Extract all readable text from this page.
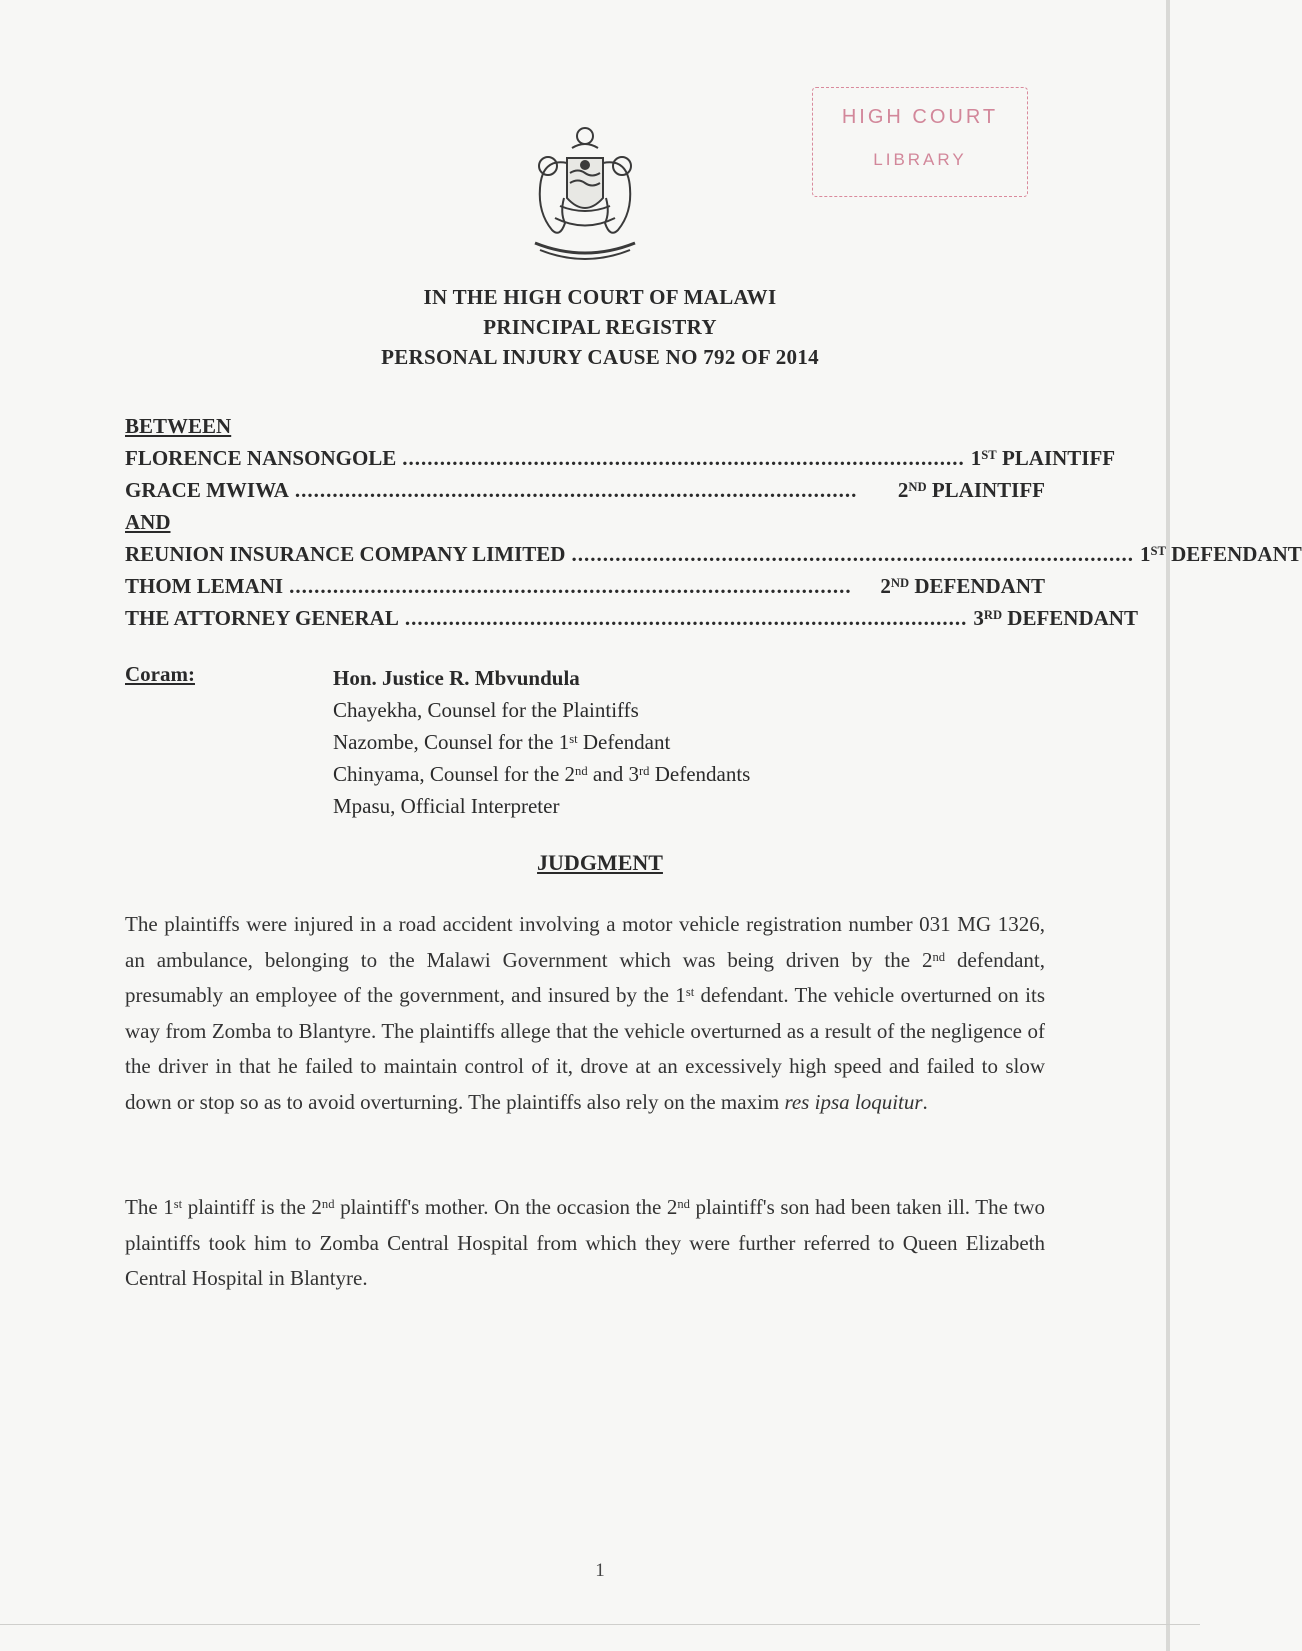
HIGH COURT
LIBRARY
IN THE HIGH COURT OF MALAWI
PRINCIPAL REGISTRY
PERSONAL INJURY CAUSE NO 792 OF 2014
BETWEEN
FLORENCE NANSONGOLE .......................................................................................... 1ST PLAINTIFF
GRACE MWIWA ..........................................................................................	2ND PLAINTIFF
AND
REUNION INSURANCE COMPANY LIMITED .......................................................................................... 1ST DEFENDANT
THOM LEMANI ..........................................................................................	2ND DEFENDANT
THE ATTORNEY GENERAL .......................................................................................... 3RD DEFENDANT
Coram:	Hon. Justice R. Mbvundula
Chayekha, Counsel for the Plaintiffs
Nazombe, Counsel for the 1st Defendant
Chinyama, Counsel for the 2nd and 3rd Defendants
Mpasu, Official Interpreter
JUDGMENT
The plaintiffs were injured in a road accident involving a motor vehicle registration number 031 MG 1326, an ambulance, belonging to the Malawi Government which was being driven by the 2nd defendant, presumably an employee of the government, and insured by the 1st defendant. The vehicle overturned on its way from Zomba to Blantyre. The plaintiffs allege that the vehicle overturned as a result of the negligence of the driver in that he failed to maintain control of it, drove at an excessively high speed and failed to slow down or stop so as to avoid overturning. The plaintiffs also rely on the maxim res ipsa loquitur.
The 1st plaintiff is the 2nd plaintiff's mother. On the occasion the 2nd plaintiff's son had been taken ill. The two plaintiffs took him to Zomba Central Hospital from which they were further referred to Queen Elizabeth Central Hospital in Blantyre.
1
